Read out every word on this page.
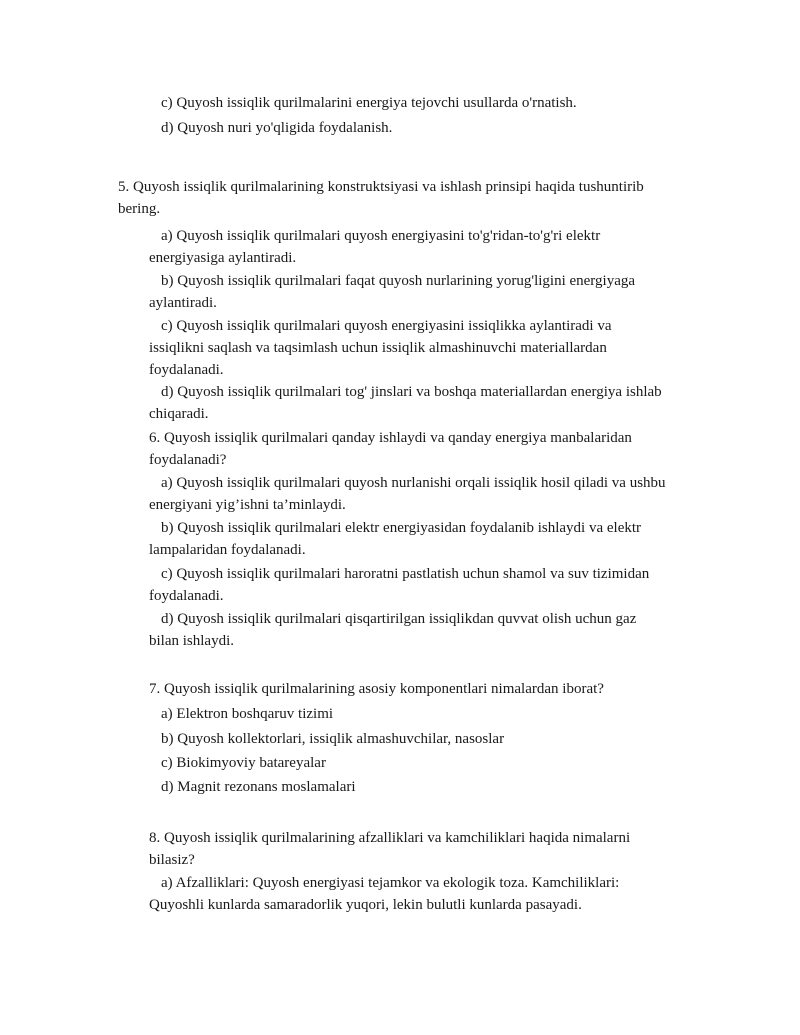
c) Quyosh issiqlik qurilmalarini energiya tejovchi usullarda o'rnatish.

d) Quyosh nuri yo'qligida foydalanish.

5. Quyosh issiqlik qurilmalarining konstruktsiyasi va ishlash prinsipi haqida tushuntirib bering.

a) Quyosh issiqlik qurilmalari quyosh energiyasini to'g'ridan-to'g'ri elektr energiyasiga aylantiradi.

b) Quyosh issiqlik qurilmalari faqat quyosh nurlarining yorug'ligini energiyaga aylantiradi.

c) Quyosh issiqlik qurilmalari quyosh energiyasini issiqlikka aylantiradi va issiqlikni saqlash va taqsimlash uchun issiqlik almashinuvchi materiallardan foydalanadi.

d) Quyosh issiqlik qurilmalari tog' jinslari va boshqa materiallardan energiya ishlab chiqaradi.

6. Quyosh issiqlik qurilmalari qanday ishlaydi va qanday energiya manbalaridan foydalanadi?

a) Quyosh issiqlik qurilmalari quyosh nurlanishi orqali issiqlik hosil qiladi va ushbu energiyani yig’ishni ta’minlaydi.

b) Quyosh issiqlik qurilmalari elektr energiyasidan foydalanib ishlaydi va elektr lampalaridan foydalanadi.

c) Quyosh issiqlik qurilmalari haroratni pastlatish uchun shamol va suv tizimidan foydalanadi.

d) Quyosh issiqlik qurilmalari qisqartirilgan issiqlikdan quvvat olish uchun gaz bilan ishlaydi.

7. Quyosh issiqlik qurilmalarining asosiy komponentlari nimalardan iborat?

a) Elektron boshqaruv tizimi

b) Quyosh kollektorlari, issiqlik almashuvchilar, nasoslar

c) Biokimyoviy batareyalar

d) Magnit rezonans moslamalari

8. Quyosh issiqlik qurilmalarining afzalliklari va kamchiliklari haqida nimalarni bilasiz?

a) Afzalliklari: Quyosh energiyasi tejamkor va ekologik toza. Kamchiliklari: Quyoshli kunlarda samaradorlik yuqori, lekin bulutli kunlarda pasayadi.
